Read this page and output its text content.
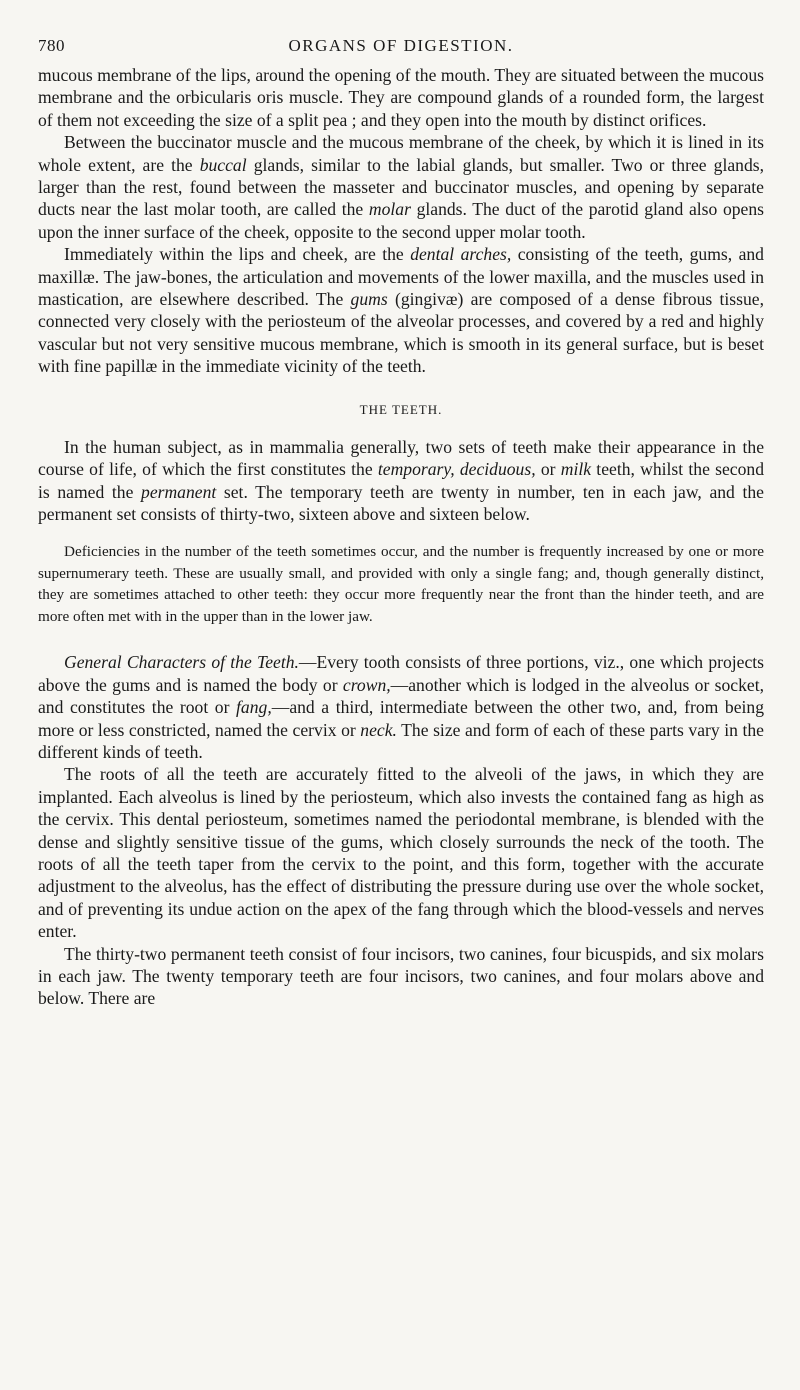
780	ORGANS OF DIGESTION.

mucous membrane of the lips, around the opening of the mouth. They are situated between the mucous membrane and the orbicularis oris muscle. They are compound glands of a rounded form, the largest of them not exceeding the size of a split pea ; and they open into the mouth by distinct orifices.

Between the buccinator muscle and the mucous membrane of the cheek, by which it is lined in its whole extent, are the buccal glands, similar to the labial glands, but smaller. Two or three glands, larger than the rest, found between the masseter and buccinator muscles, and opening by separate ducts near the last molar tooth, are called the molar glands. The duct of the parotid gland also opens upon the inner surface of the cheek, opposite to the second upper molar tooth.

Immediately within the lips and cheek, are the dental arches, consisting of the teeth, gums, and maxillæ. The jaw-bones, the articulation and movements of the lower maxilla, and the muscles used in mastication, are elsewhere described. The gums (gingivæ) are composed of a dense fibrous tissue, connected very closely with the periosteum of the alveolar processes, and covered by a red and highly vascular but not very sensitive mucous membrane, which is smooth in its general surface, but is beset with fine papillæ in the immediate vicinity of the teeth.

THE TEETH.

In the human subject, as in mammalia generally, two sets of teeth make their appearance in the course of life, of which the first constitutes the temporary, deciduous, or milk teeth, whilst the second is named the permanent set. The temporary teeth are twenty in number, ten in each jaw, and the permanent set consists of thirty-two, sixteen above and sixteen below.

Deficiencies in the number of the teeth sometimes occur, and the number is frequently increased by one or more supernumerary teeth. These are usually small, and provided with only a single fang; and, though generally distinct, they are sometimes attached to other teeth: they occur more frequently near the front than the hinder teeth, and are more often met with in the upper than in the lower jaw.

General Characters of the Teeth.—Every tooth consists of three portions, viz., one which projects above the gums and is named the body or crown,—another which is lodged in the alveolus or socket, and constitutes the root or fang,—and a third, intermediate between the other two, and, from being more or less constricted, named the cervix or neck. The size and form of each of these parts vary in the different kinds of teeth.

The roots of all the teeth are accurately fitted to the alveoli of the jaws, in which they are implanted. Each alveolus is lined by the periosteum, which also invests the contained fang as high as the cervix. This dental periosteum, sometimes named the periodontal membrane, is blended with the dense and slightly sensitive tissue of the gums, which closely surrounds the neck of the tooth. The roots of all the teeth taper from the cervix to the point, and this form, together with the accurate adjustment to the alveolus, has the effect of distributing the pressure during use over the whole socket, and of preventing its undue action on the apex of the fang through which the blood-vessels and nerves enter.

The thirty-two permanent teeth consist of four incisors, two canines, four bicuspids, and six molars in each jaw. The twenty temporary teeth are four incisors, two canines, and four molars above and below. There are
